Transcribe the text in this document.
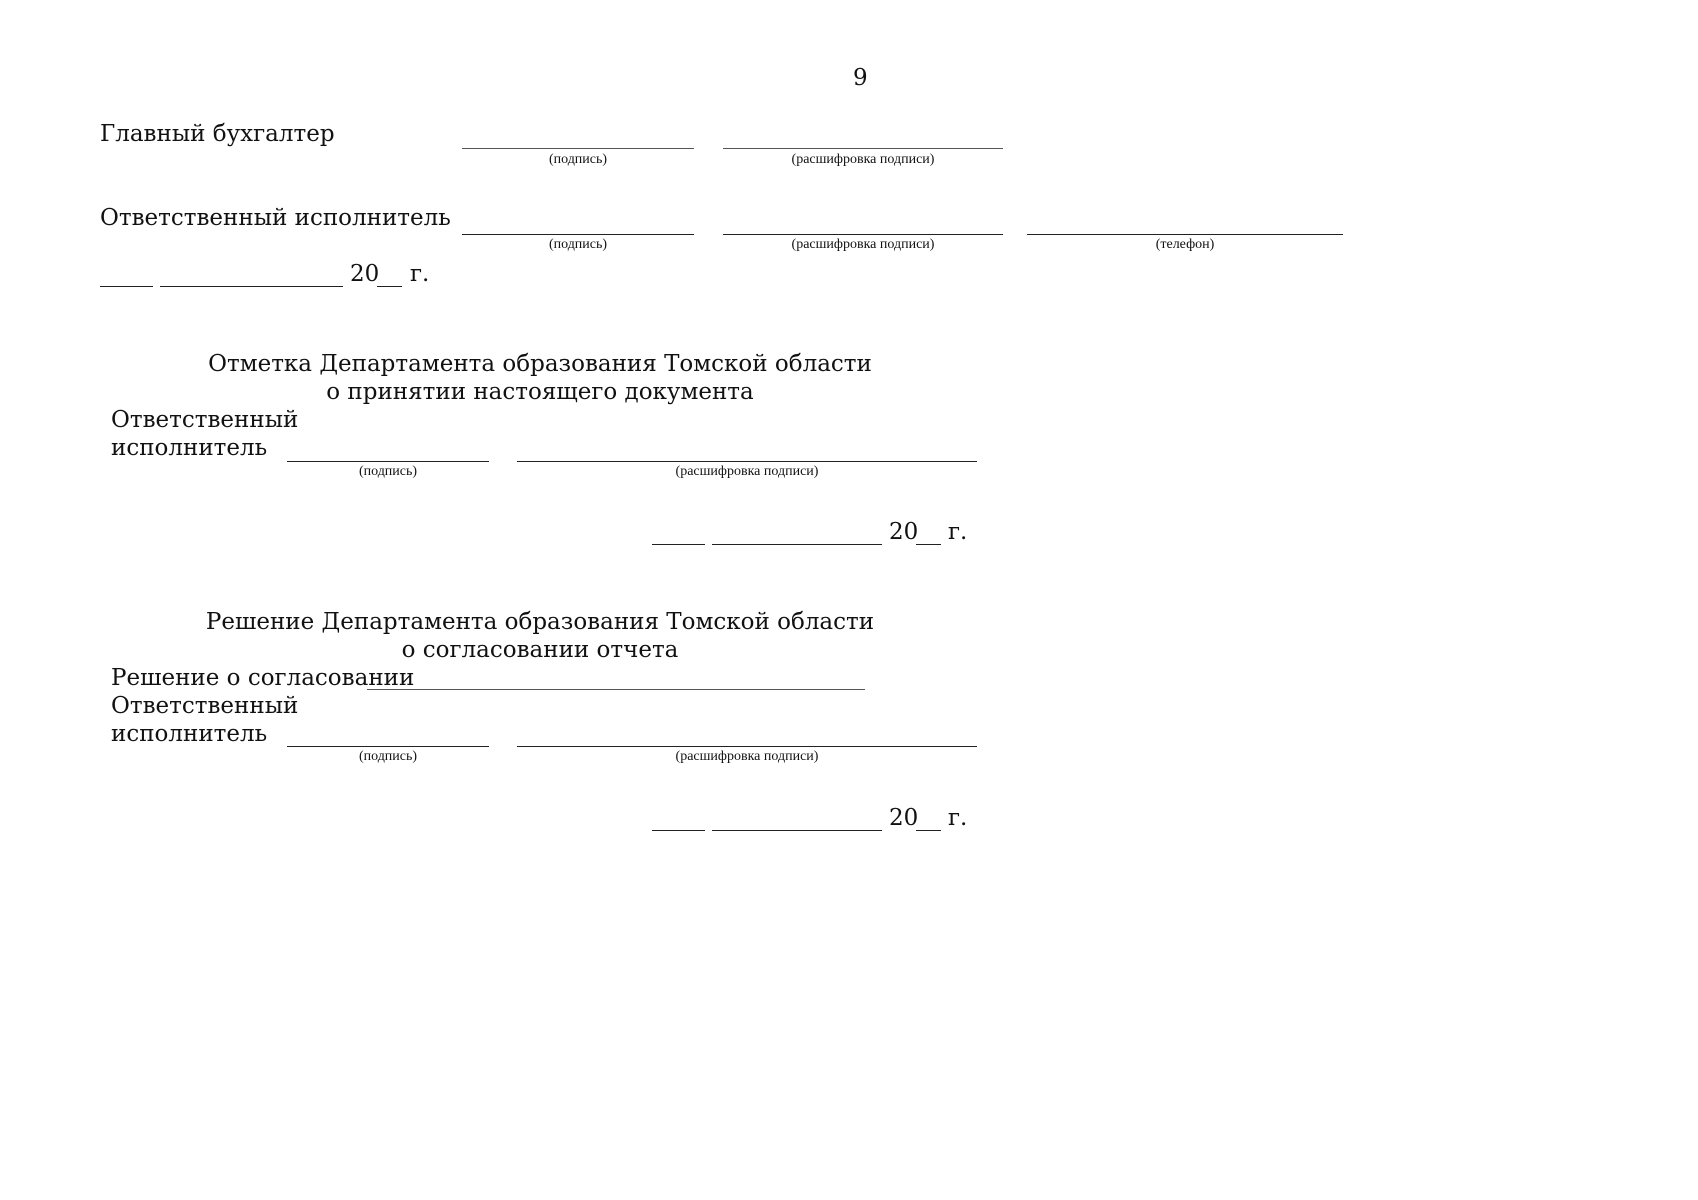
9
Главный бухгалтер
(подпись)	(расшифровка подписи)
Ответственный исполнитель
(подпись)	(расшифровка подписи)	(телефон)
20 г.
Отметка Департамента образования Томской области
о принятии настоящего документа
Ответственный
исполнитель
(подпись)	(расшифровка подписи)
20 г.
Решение Департамента образования Томской области
о согласовании отчета
Решение о согласовании
Ответственный
исполнитель
(подпись)	(расшифровка подписи)
20 г.
